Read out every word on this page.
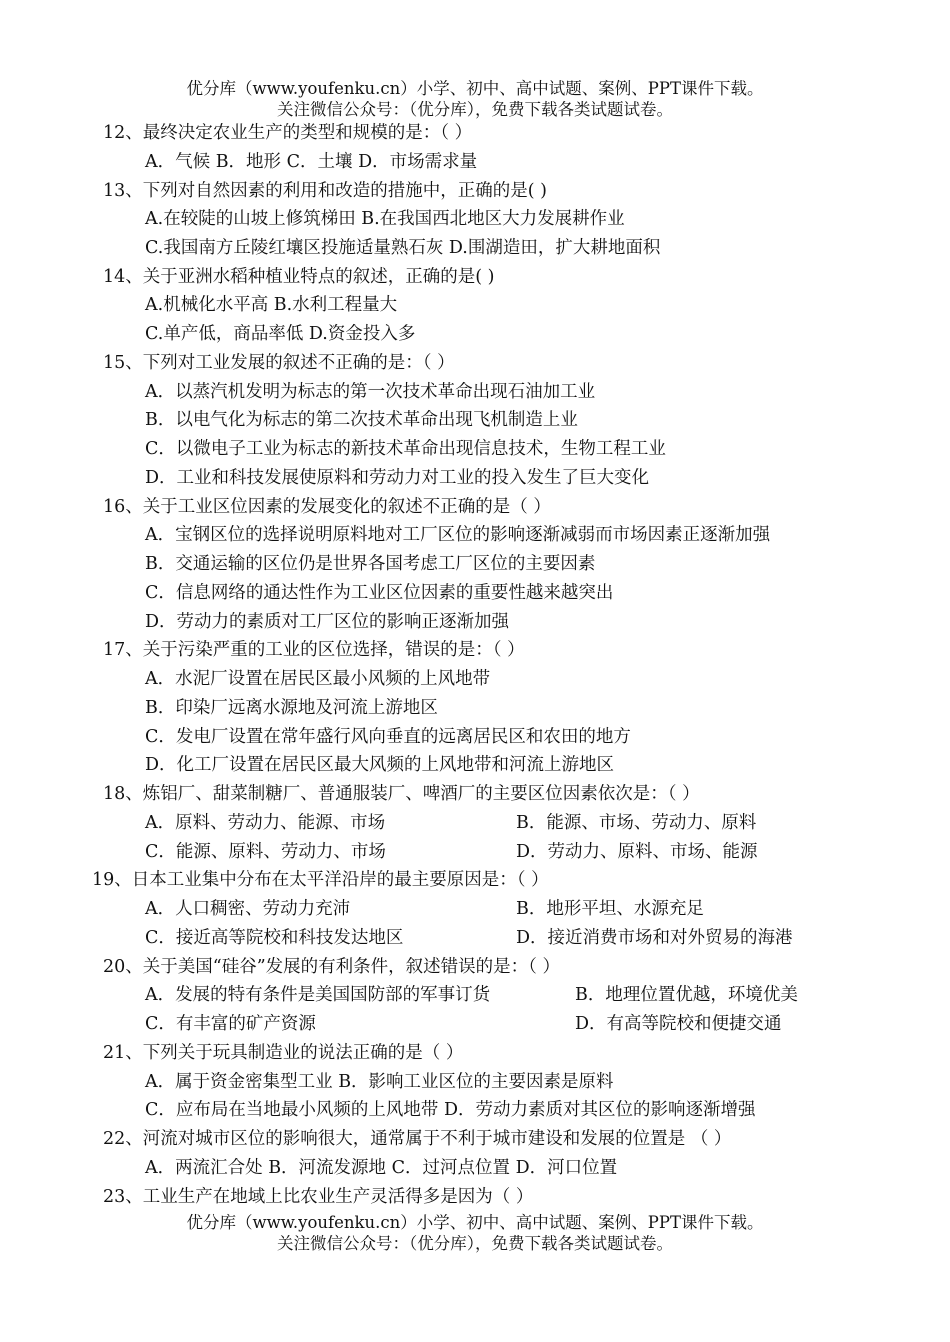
优分库（www.youfenku.cn）小学、初中、高中试题、案例、PPT课件下载。
关注微信公众号：（优分库），免费下载各类试题试卷。
12、最终决定农业生产的类型和规模的是：（ ）
A．气候 B．地形 C．土壤 D．市场需求量
13、下列对自然因素的利用和改造的措施中，正确的是( )
A.在较陡的山坡上修筑梯田 B.在我国西北地区大力发展耕作业
C.我国南方丘陵红壤区投施适量熟石灰 D.围湖造田，扩大耕地面积
14、关于亚洲水稻种植业特点的叙述，正确的是( )
A.机械化水平高 B.水利工程量大
C.单产低，商品率低 D.资金投入多
15、下列对工业发展的叙述不正确的是：（ ）
A．以蒸汽机发明为标志的第一次技术革命出现石油加工业
B．以电气化为标志的第二次技术革命出现飞机制造上业
C．以微电子工业为标志的新技术革命出现信息技术，生物工程工业
D．工业和科技发展使原料和劳动力对工业的投入发生了巨大变化
16、关于工业区位因素的发展变化的叙述不正确的是（ ）
A．宝钢区位的选择说明原料地对工厂区位的影响逐渐减弱而市场因素正逐渐加强
B．交通运输的区位仍是世界各国考虑工厂区位的主要因素
C．信息网络的通达性作为工业区位因素的重要性越来越突出
D．劳动力的素质对工厂区位的影响正逐渐加强
17、关于污染严重的工业的区位选择，错误的是：（ ）
A．水泥厂设置在居民区最小风频的上风地带
B．印染厂远离水源地及河流上游地区
C．发电厂设置在常年盛行风向垂直的远离居民区和农田的地方
D．化工厂设置在居民区最大风频的上风地带和河流上游地区
18、炼铝厂、甜菜制糖厂、普通服装厂、啤酒厂的主要区位因素依次是：（ ）
A．原料、劳动力、能源、市场	B．能源、市场、劳动力、原料
C．能源、原料、劳动力、市场	D．劳动力、原料、市场、能源
19、日本工业集中分布在太平洋沿岸的最主要原因是：（ ）
A．人口稠密、劳动力充沛	B．地形平坦、水源充足
C．接近高等院校和科技发达地区	D．接近消费市场和对外贸易的海港
20、关于美国“硅谷”发展的有利条件，叙述错误的是：（ ）
A．发展的特有条件是美国国防部的军事订货	B．地理位置优越，环境优美
C．有丰富的矿产资源	D．有高等院校和便捷交通
21、下列关于玩具制造业的说法正确的是（ ）
A．属于资金密集型工业 B．影响工业区位的主要因素是原料
C．应布局在当地最小风频的上风地带 D．劳动力素质对其区位的影响逐渐增强
22、河流对城市区位的影响很大，通常属于不利于城市建设和发展的位置是 （ ）
A．两流汇合处 B．河流发源地 C．过河点位置 D．河口位置
23、工业生产在地域上比农业生产灵活得多是因为（ ）
优分库（www.youfenku.cn）小学、初中、高中试题、案例、PPT课件下载。
关注微信公众号：（优分库），免费下载各类试题试卷。
